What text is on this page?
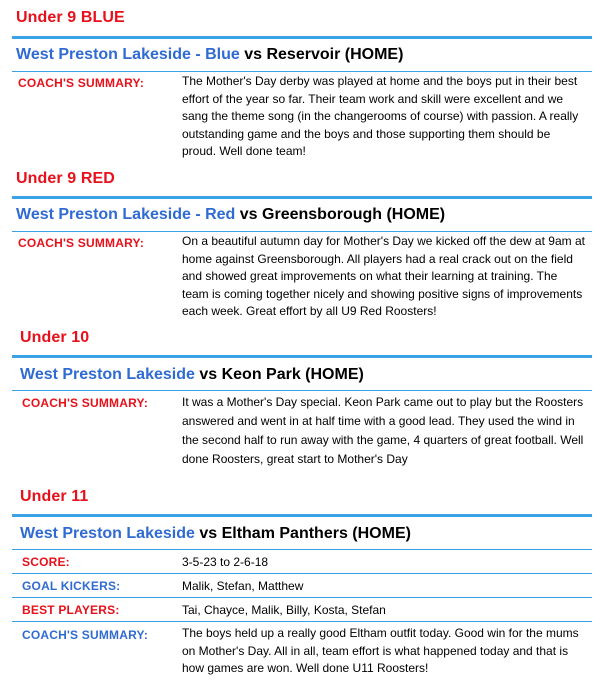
Under 9 BLUE
West Preston Lakeside - Blue vs Reservoir (HOME)
COACH'S SUMMARY:	The Mother's Day derby was played at home and the boys put in their best effort of the year so far. Their team work and skill were excellent and we sang the theme song (in the changerooms of course) with passion. A really outstanding game and the boys and those supporting them should be proud. Well done team!
Under 9 RED
West Preston Lakeside - Red vs Greensborough (HOME)
COACH'S SUMMARY:	On a beautiful autumn day for Mother's Day we kicked off the dew at 9am at home against Greensborough. All players had a real crack out on the field and showed great improvements on what their learning at training. The team is coming together nicely and showing positive signs of improvements each week. Great effort by all U9 Red Roosters!
Under 10
West Preston Lakeside vs Keon Park (HOME)
COACH'S SUMMARY:	It was a Mother's Day special. Keon Park came out to play but the Roosters answered and went in at half time with a good lead. They used the wind in the second half to run away with the game, 4 quarters of great football. Well done Roosters, great start to Mother's Day
Under 11
West Preston Lakeside vs Eltham Panthers (HOME)
SCORE:	3-5-23 to 2-6-18
GOAL KICKERS:	Malik, Stefan, Matthew
BEST PLAYERS:	Tai, Chayce, Malik, Billy, Kosta, Stefan
COACH'S SUMMARY:	The boys held up a really good Eltham outfit today. Good win for the mums on Mother's Day. All in all, team effort is what happened today and that is how games are won. Well done U11 Roosters!
